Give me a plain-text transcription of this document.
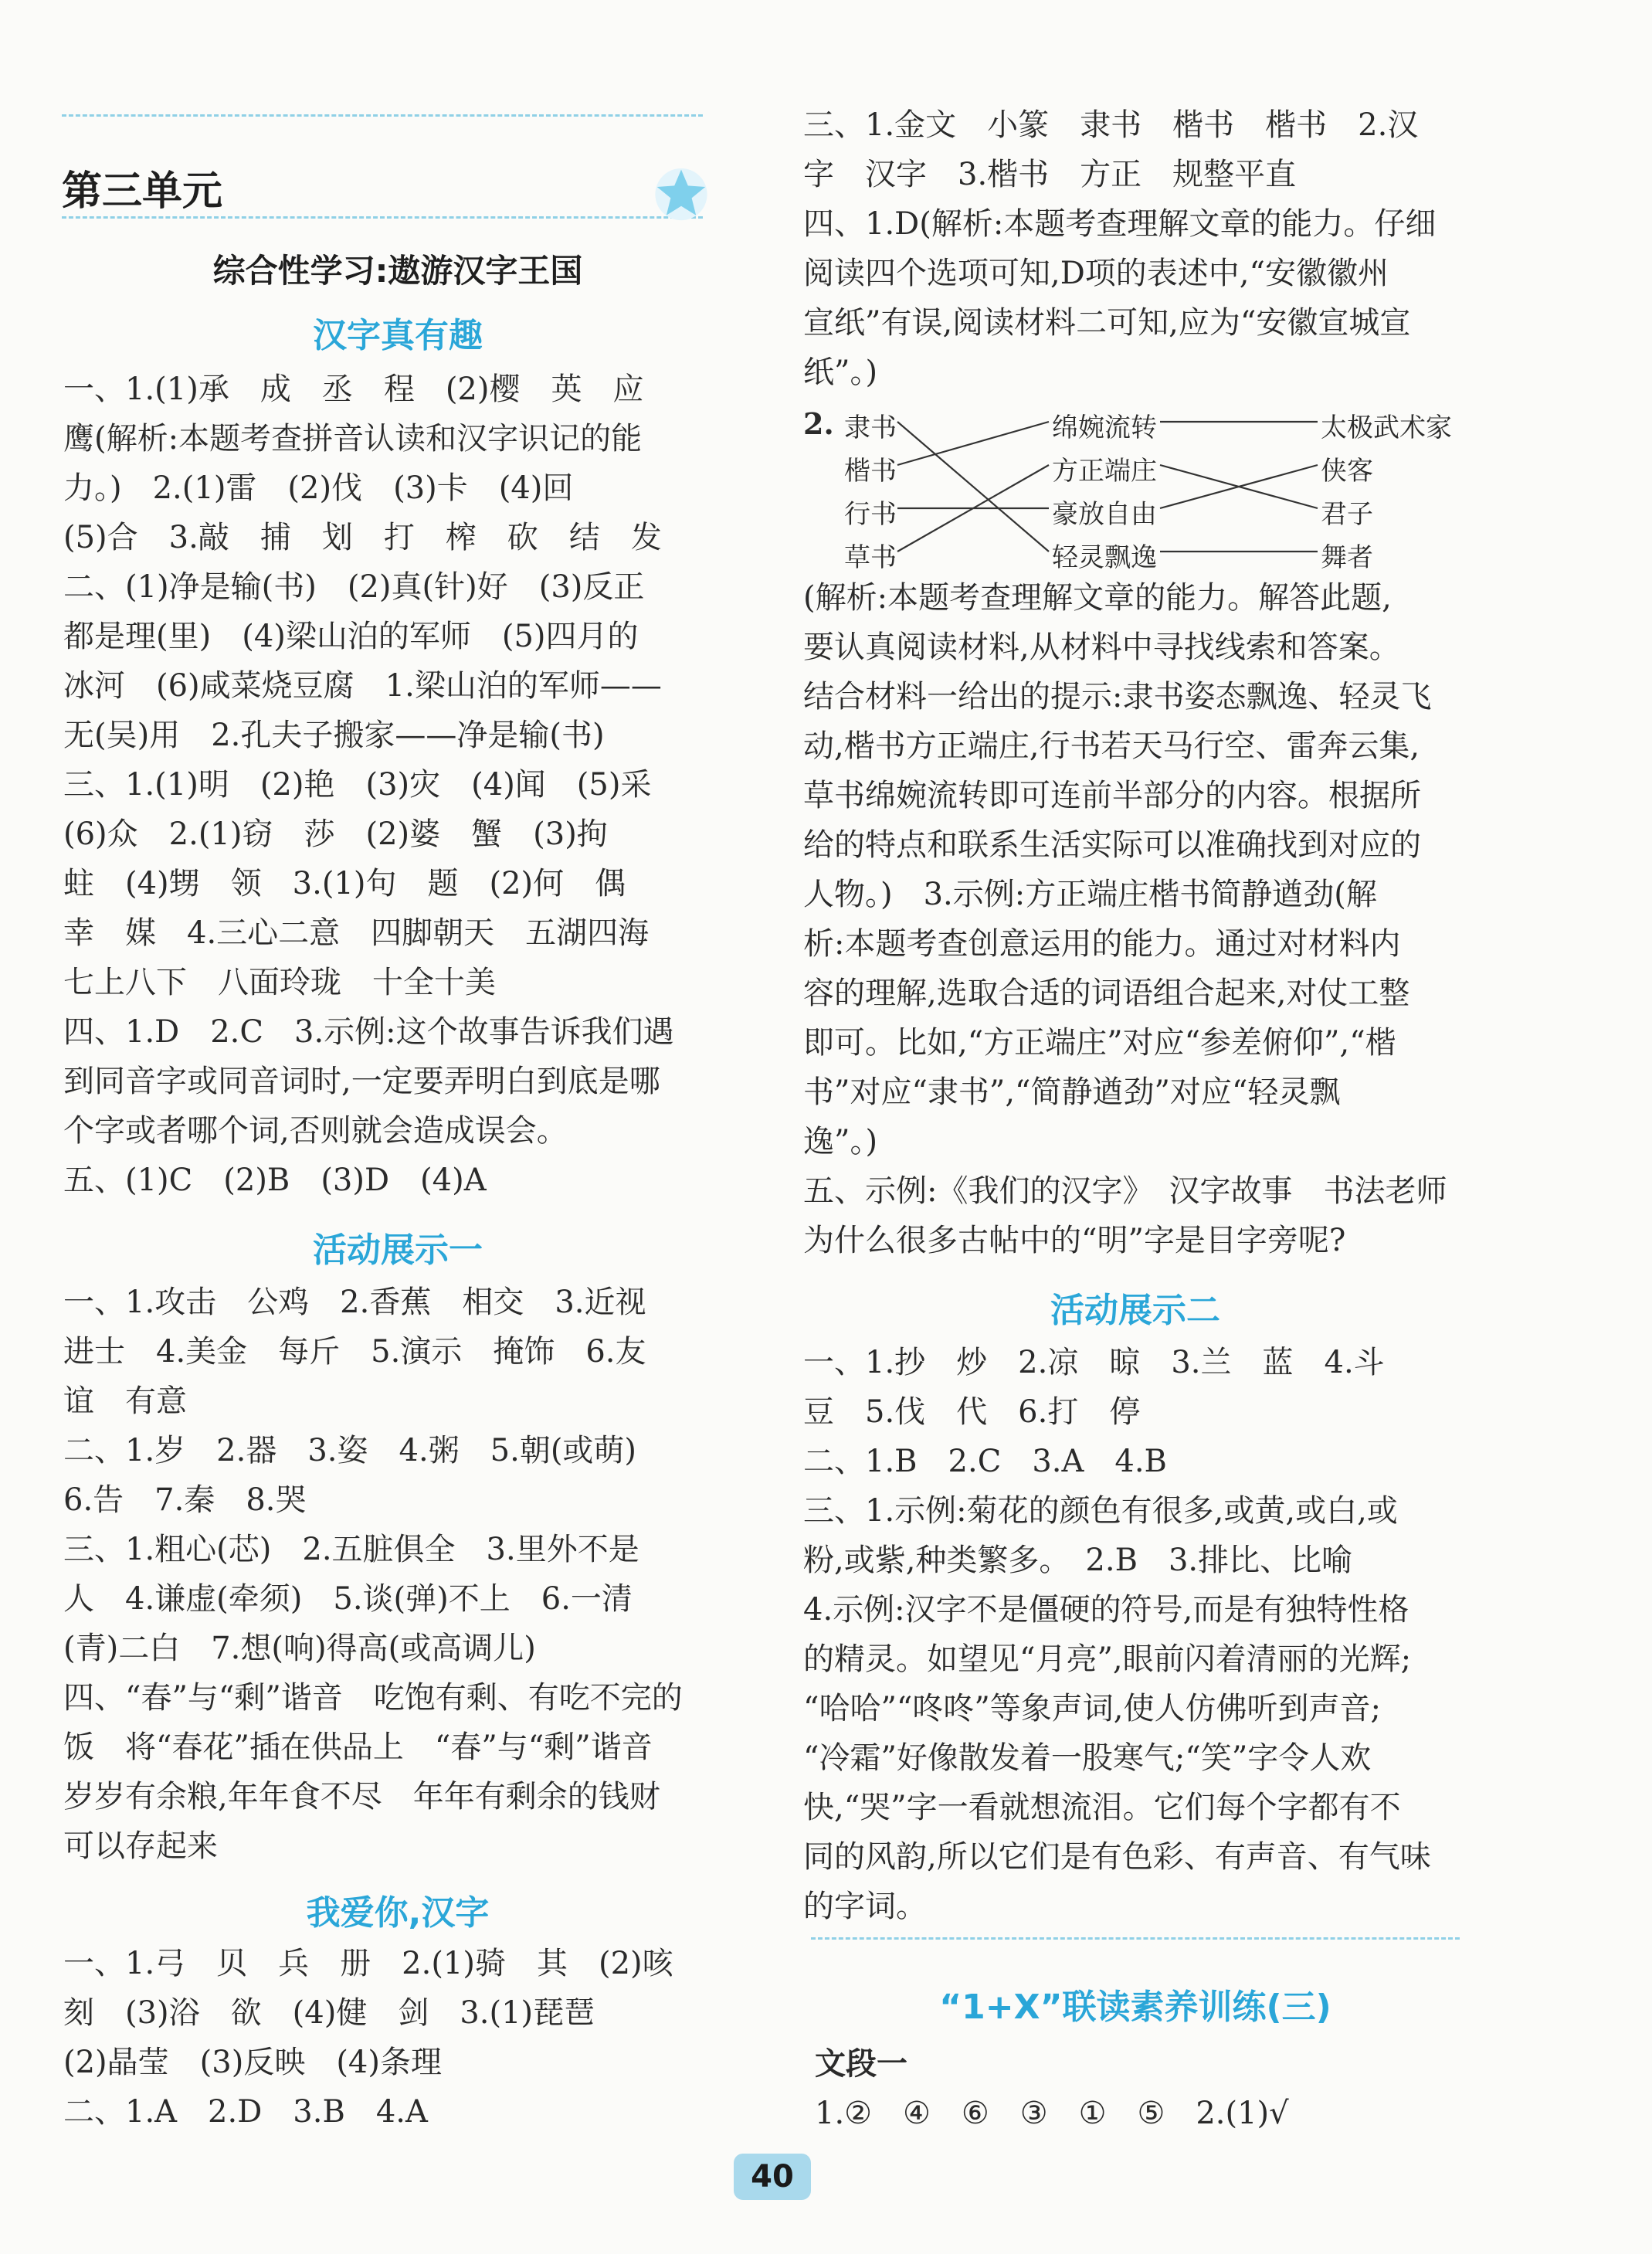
第三单元
综合性学习:遨游汉字王国
汉字真有趣
一、1.(1)承　成　丞　程　(2)樱　英　应
鹰(解析:本题考查拼音认读和汉字识记的能
力。)　2.(1)雷　(2)伐　(3)卡　(4)回
(5)合　3.敲　捕　划　打　榨　砍　结　发
二、(1)净是输(书)　(2)真(针)好　(3)反正
都是理(里)　(4)梁山泊的军师　(5)四月的
冰河　(6)咸菜烧豆腐　1.梁山泊的军师——
无(吴)用　2.孔夫子搬家——净是输(书)
三、1.(1)明　(2)艳　(3)灾　(4)闻　(5)采
(6)众　2.(1)窃　莎　(2)婆　蟹　(3)拘
蛀　(4)甥　领　3.(1)句　题　(2)何　偶
幸　媒　4.三心二意　四脚朝天　五湖四海
七上八下　八面玲珑　十全十美
四、1.D　2.C　3.示例:这个故事告诉我们遇
到同音字或同音词时,一定要弄明白到底是哪
个字或者哪个词,否则就会造成误会。
五、(1)C　(2)B　(3)D　(4)A
活动展示一
一、1.攻击　公鸡　2.香蕉　相交　3.近视
进士　4.美金　每斤　5.演示　掩饰　6.友
谊　有意
二、1.岁　2.器　3.姿　4.粥　5.朝(或萌)
6.告　7.秦　8.哭
三、1.粗心(芯)　2.五脏俱全　3.里外不是
人　4.谦虚(牵须)　5.谈(弹)不上　6.一清
(青)二白　7.想(响)得高(或高调儿)
四、“春”与“剩”谐音　吃饱有剩、有吃不完的
饭　将“春花”插在供品上　“春”与“剩”谐音
岁岁有余粮,年年食不尽　年年有剩余的钱财
可以存起来
我爱你,汉字
一、1.弓　贝　兵　册　2.(1)骑　其　(2)咳
刻　(3)浴　欲　(4)健　剑　3.(1)琵琶
(2)晶莹　(3)反映　(4)条理
二、1.A　2.D　3.B　4.A
三、1.金文　小篆　隶书　楷书　楷书　2.汉
字　汉字　3.楷书　方正　规整平直
四、1.D(解析:本题考查理解文章的能力。仔细
阅读四个选项可知,D项的表述中,“安徽徽州
宣纸”有误,阅读材料二可知,应为“安徽宣城宣
纸”。)
2. 隶书
楷书
行书
草书
绵婉流转
方正端庄
豪放自由
轻灵飘逸
太极武术家
侠客
君子
舞者
(解析:本题考查理解文章的能力。解答此题,
要认真阅读材料,从材料中寻找线索和答案。
结合材料一给出的提示:隶书姿态飘逸、轻灵飞
动,楷书方正端庄,行书若天马行空、雷奔云集,
草书绵婉流转即可连前半部分的内容。根据所
给的特点和联系生活实际可以准确找到对应的
人物。)　3.示例:方正端庄楷书简静遒劲(解
析:本题考查创意运用的能力。通过对材料内
容的理解,选取合适的词语组合起来,对仗工整
即可。比如,“方正端庄”对应“参差俯仰”,“楷
书”对应“隶书”,“简静遒劲”对应“轻灵飘
逸”。)
五、示例:《我们的汉字》　汉字故事　书法老师
为什么很多古帖中的“明”字是目字旁呢?
活动展示二
一、1.抄　炒　2.凉　晾　3.兰　蓝　4.斗
豆　5.伐　代　6.打　停
二、1.B　2.C　3.A　4.B
三、1.示例:菊花的颜色有很多,或黄,或白,或
粉,或紫,种类繁多。　2.B　3.排比、比喻
4.示例:汉字不是僵硬的符号,而是有独特性格
的精灵。如望见“月亮”,眼前闪着清丽的光辉;
“哈哈”“咚咚”等象声词,使人仿佛听到声音;
“冷霜”好像散发着一股寒气;“笑”字令人欢
快,“哭”字一看就想流泪。它们每个字都有不
同的风韵,所以它们是有色彩、有声音、有气味
的字词。
“1+X”联读素养训练(三)
文段一
1.②　④　⑥　③　①　⑤　2.(1)√
40
